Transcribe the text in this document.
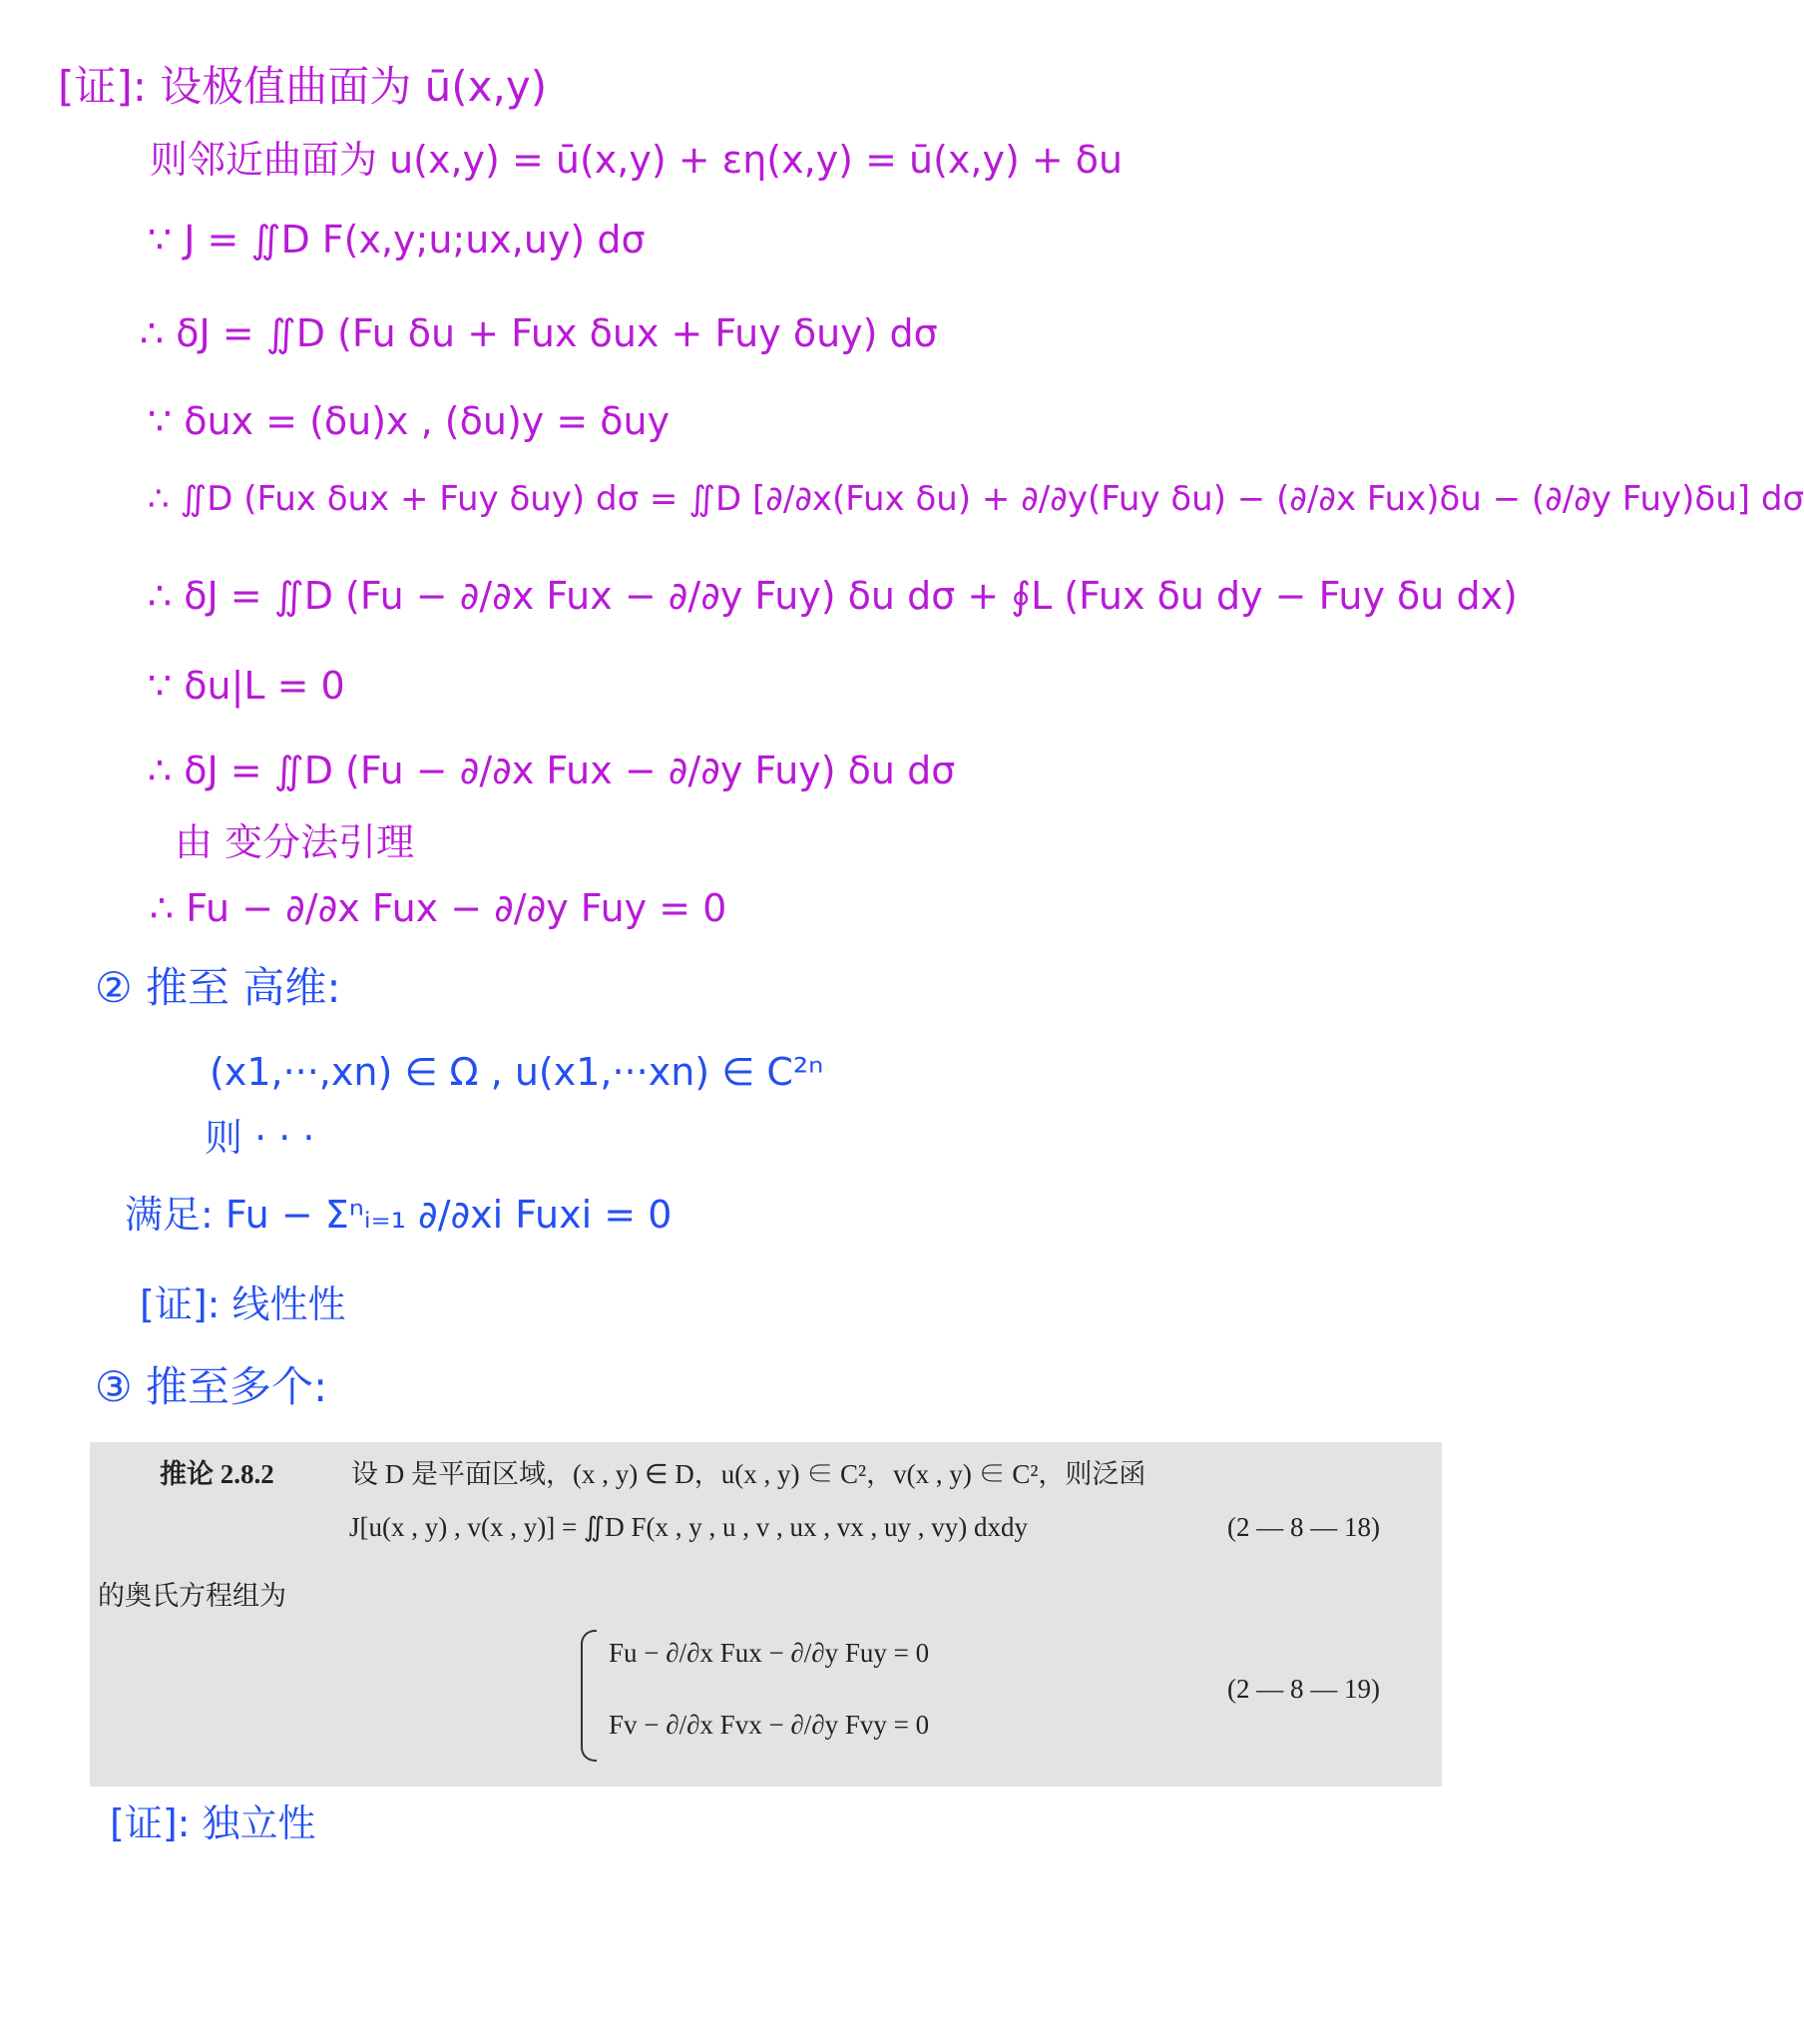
[证]: 设极值曲面为 ū(x,y)
则邻近曲面为 u(x,y) = ū(x,y) + εη(x,y) = ū(x,y) + δu
∵ J = ∬D F(x,y;u;ux,uy) dσ
∴ δJ = ∬D (Fu δu + Fux δux + Fuy δuy) dσ
∵ δux = (δu)x , (δu)y = δuy
∴ ∬D (Fux δux + Fuy δuy) dσ = ∬D [∂/∂x(Fux δu) + ∂/∂y(Fuy δu) − (∂/∂x Fux)δu − (∂/∂y Fuy)δu] dσ
∴ δJ = ∬D (Fu − ∂/∂x Fux − ∂/∂y Fuy) δu dσ + ∮L (Fux δu dy − Fuy δu dx)
∵ δu|L = 0
∴ δJ = ∬D (Fu − ∂/∂x Fux − ∂/∂y Fuy) δu dσ
由 变分法引理
∴ Fu − ∂/∂x Fux − ∂/∂y Fuy = 0
② 推至 高维:
(x1,···,xn) ∈ Ω , u(x1,···xn) ∈ C²ⁿ
则 · · ·
满足: Fu − Σⁿᵢ₌₁ ∂/∂xi Fuxi = 0
[证]: 线性性
③ 推至多个:
[证]: 独立性
推论 2.8.2	设 D 是平面区域，(x , y) ∈ D，u(x , y) ∈ C²，v(x , y) ∈ C²，则泛函
J[u(x , y) , v(x , y)] = ∬D F(x , y , u , v , ux , vx , uy , vy) dxdy	(2 — 8 — 18)
的奥氏方程组为
Fu − ∂/∂x Fux − ∂/∂y Fuy = 0
Fv − ∂/∂x Fvx − ∂/∂y Fvy = 0
(2 — 8 — 19)
